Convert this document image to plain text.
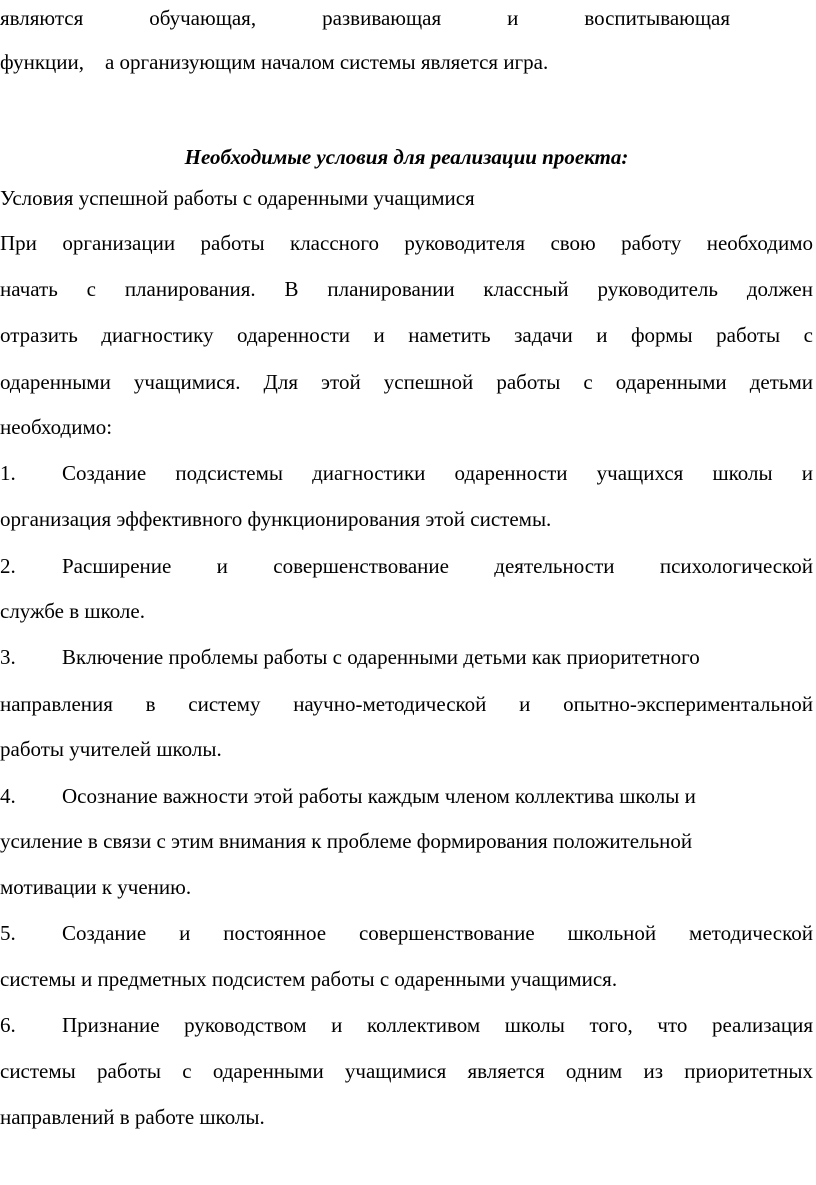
являются обучающая, развивающая и воспитывающая
функции,    а организующим началом системы является игра.
Необходимые условия для реализации проекта:
Условия успешной работы с одаренными учащимися
При организации работы классного руководителя свою работу необходимо
начать с планирования. В планировании классный руководитель должен
отразить диагностику одаренности и наметить задачи и формы работы с
одаренными учащимися. Для этой успешной работы с одаренными детьми
необходимо:
1. Создание подсистемы диагностики одаренности учащихся школы и
организация эффективного функционирования этой системы.
2. Расширение и совершенствование деятельности психологической
службе в школе.
3. Включение проблемы работы с одаренными детьми как приоритетного
направления в систему научно-методической и опытно-экспериментальной
работы учителей школы.
4. Осознание важности этой работы каждым членом коллектива школы и
усиление в связи с этим внимания к проблеме формирования положительной
мотивации к учению.
5. Создание и постоянное совершенствование школьной методической
системы и предметных подсистем работы с одаренными учащимися.
6. Признание руководством и коллективом школы того, что реализация
системы работы с одаренными учащимися является одним из приоритетных
направлений в работе школы.
